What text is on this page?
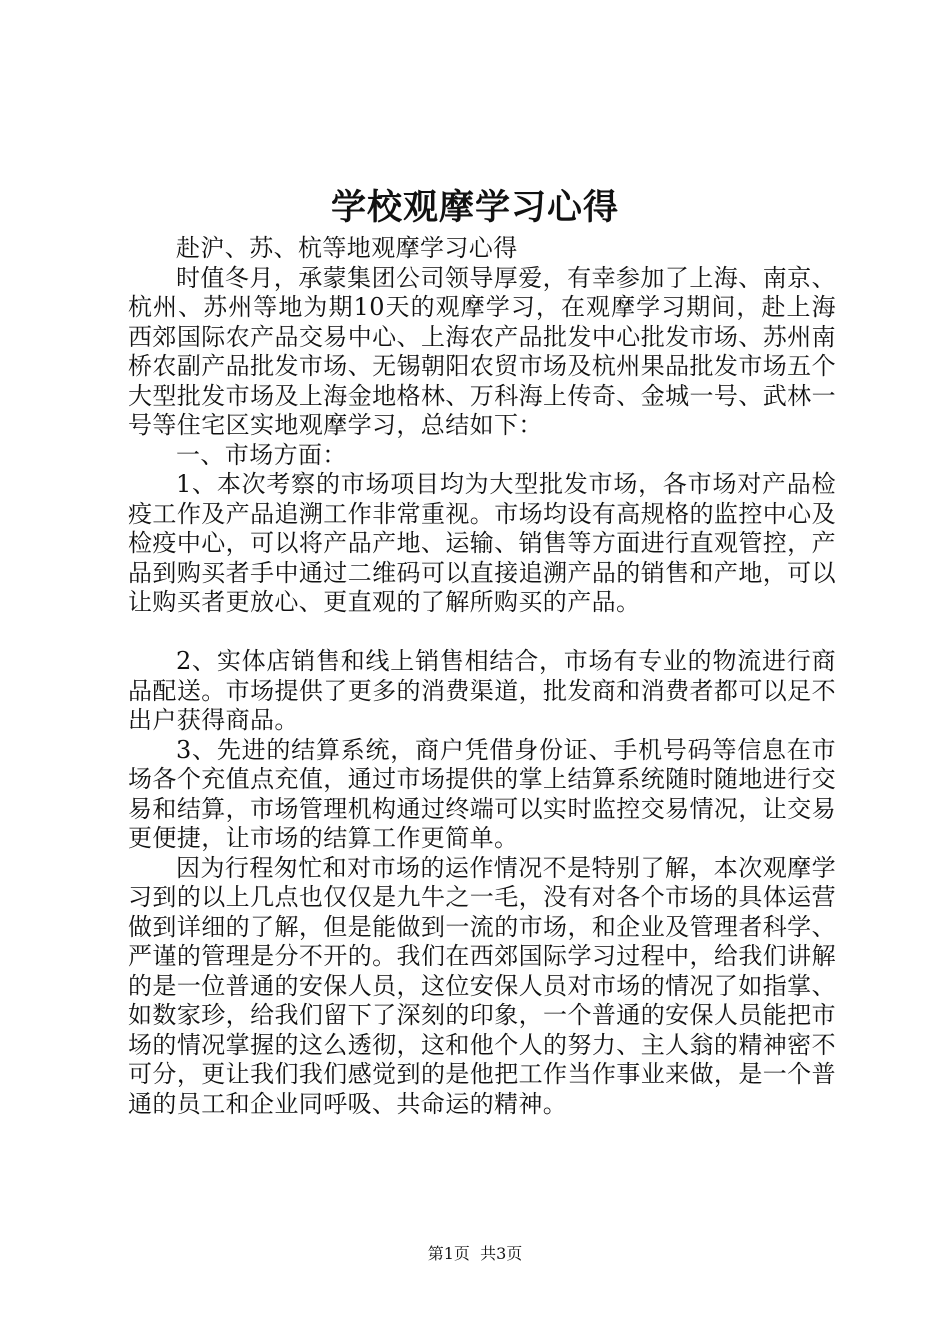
学校观摩学习心得

赴沪、苏、杭等地观摩学习心得

时值冬月，承蒙集团公司领导厚爱，有幸参加了上海、南京、杭州、苏州等地为期10天的观摩学习，在观摩学习期间，赴上海西郊国际农产品交易中心、上海农产品批发中心批发市场、苏州南桥农副产品批发市场、无锡朝阳农贸市场及杭州果品批发市场五个大型批发市场及上海金地格林、万科海上传奇、金城一号、武林一号等住宅区实地观摩学习，总结如下：

一、市场方面：

1、本次考察的市场项目均为大型批发市场，各市场对产品检疫工作及产品追溯工作非常重视。市场均设有高规格的监控中心及检疫中心，可以将产品产地、运输、销售等方面进行直观管控，产品到购买者手中通过二维码可以直接追溯产品的销售和产地，可以让购买者更放心、更直观的了解所购买的产品。

2、实体店销售和线上销售相结合，市场有专业的物流进行商品配送。市场提供了更多的消费渠道，批发商和消费者都可以足不出户获得商品。

3、先进的结算系统，商户凭借身份证、手机号码等信息在市场各个充值点充值，通过市场提供的掌上结算系统随时随地进行交易和结算，市场管理机构通过终端可以实时监控交易情况，让交易更便捷，让市场的结算工作更简单。

因为行程匆忙和对市场的运作情况不是特别了解，本次观摩学习到的以上几点也仅仅是九牛之一毛，没有对各个市场的具体运营做到详细的了解，但是能做到一流的市场，和企业及管理者科学、严谨的管理是分不开的。我们在西郊国际学习过程中，给我们讲解的是一位普通的安保人员，这位安保人员对市场的情况了如指掌、如数家珍，给我们留下了深刻的印象，一个普通的安保人员能把市场的情况掌握的这么透彻，这和他个人的努力、主人翁的精神密不可分，更让我们我们感觉到的是他把工作当作事业来做，是一个普通的员工和企业同呼吸、共命运的精神。

第1页 共3页
